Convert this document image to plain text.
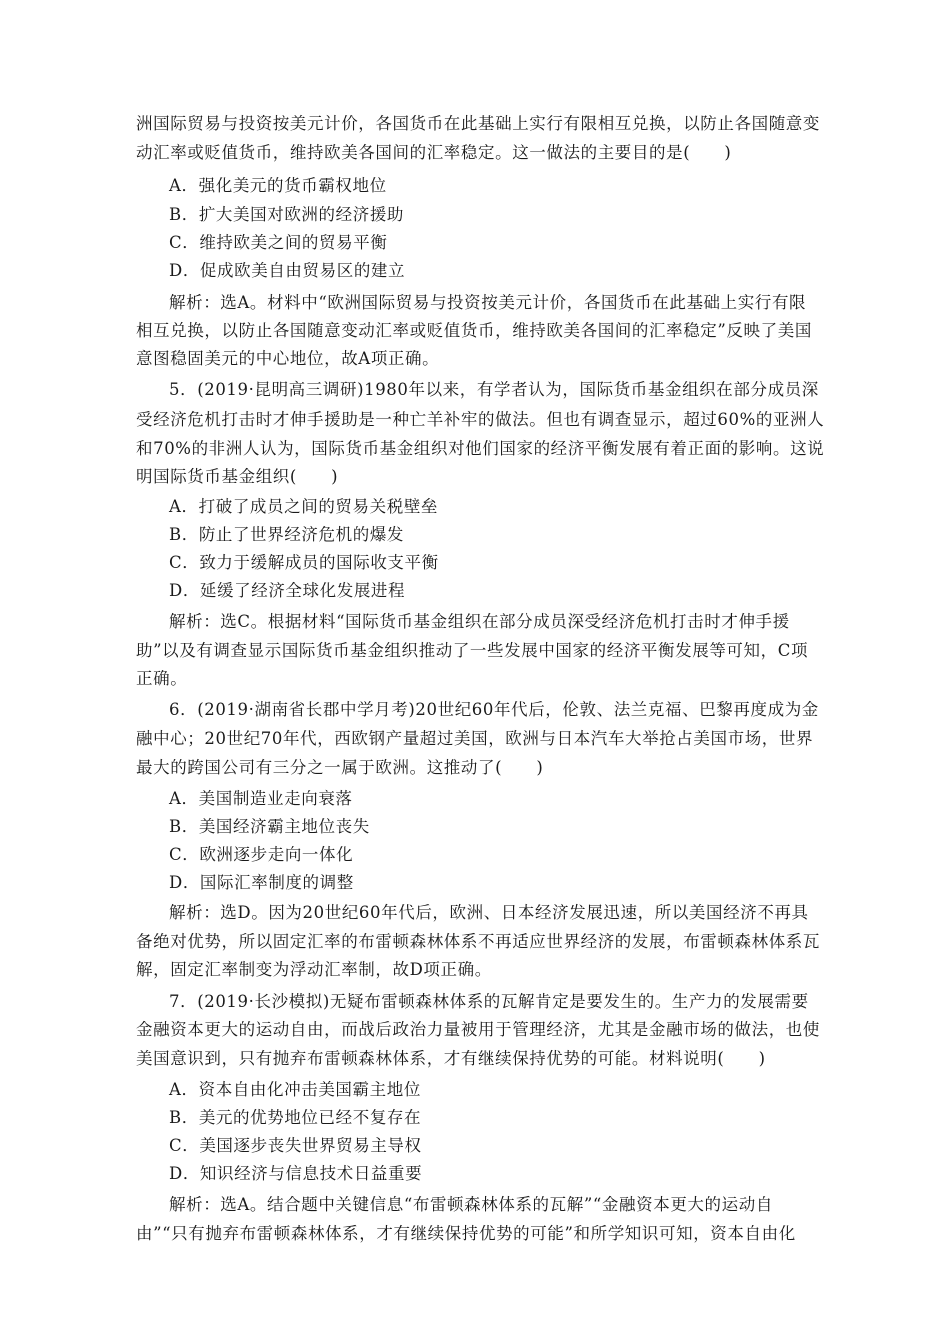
洲国际贸易与投资按美元计价，各国货币在此基础上实行有限相互兑换，以防止各国随意变
动汇率或贬值货币，维持欧美各国间的汇率稳定。这一做法的主要目的是(　　)
A．强化美元的货币霸权地位
B．扩大美国对欧洲的经济援助
C．维持欧美之间的贸易平衡
D．促成欧美自由贸易区的建立
解析：选A。材料中“欧洲国际贸易与投资按美元计价，各国货币在此基础上实行有限
相互兑换，以防止各国随意变动汇率或贬值货币，维持欧美各国间的汇率稳定”反映了美国
意图稳固美元的中心地位，故A项正确。
5．(2019·昆明高三调研)1980年以来，有学者认为，国际货币基金组织在部分成员深
受经济危机打击时才伸手援助是一种亡羊补牢的做法。但也有调查显示，超过60%的亚洲人
和70%的非洲人认为，国际货币基金组织对他们国家的经济平衡发展有着正面的影响。这说
明国际货币基金组织(　　)
A．打破了成员之间的贸易关税壁垒
B．防止了世界经济危机的爆发
C．致力于缓解成员的国际收支平衡
D．延缓了经济全球化发展进程
解析：选C。根据材料“国际货币基金组织在部分成员深受经济危机打击时才伸手援
助”以及有调查显示国际货币基金组织推动了一些发展中国家的经济平衡发展等可知，C项
正确。
6．(2019·湖南省长郡中学月考)20世纪60年代后，伦敦、法兰克福、巴黎再度成为金
融中心；20世纪70年代，西欧钢产量超过美国，欧洲与日本汽车大举抢占美国市场，世界
最大的跨国公司有三分之一属于欧洲。这推动了(　　)
A．美国制造业走向衰落
B．美国经济霸主地位丧失
C．欧洲逐步走向一体化
D．国际汇率制度的调整
解析：选D。因为20世纪60年代后，欧洲、日本经济发展迅速，所以美国经济不再具
备绝对优势，所以固定汇率的布雷顿森林体系不再适应世界经济的发展，布雷顿森林体系瓦
解，固定汇率制变为浮动汇率制，故D项正确。
7．(2019·长沙模拟)无疑布雷顿森林体系的瓦解肯定是要发生的。生产力的发展需要
金融资本更大的运动自由，而战后政治力量被用于管理经济，尤其是金融市场的做法，也使
美国意识到，只有抛弃布雷顿森林体系，才有继续保持优势的可能。材料说明(　　)
A．资本自由化冲击美国霸主地位
B．美元的优势地位已经不复存在
C．美国逐步丧失世界贸易主导权
D．知识经济与信息技术日益重要
解析：选A。结合题中关键信息“布雷顿森林体系的瓦解”“金融资本更大的运动自
由”“只有抛弃布雷顿森林体系，才有继续保持优势的可能”和所学知识可知，资本自由化
